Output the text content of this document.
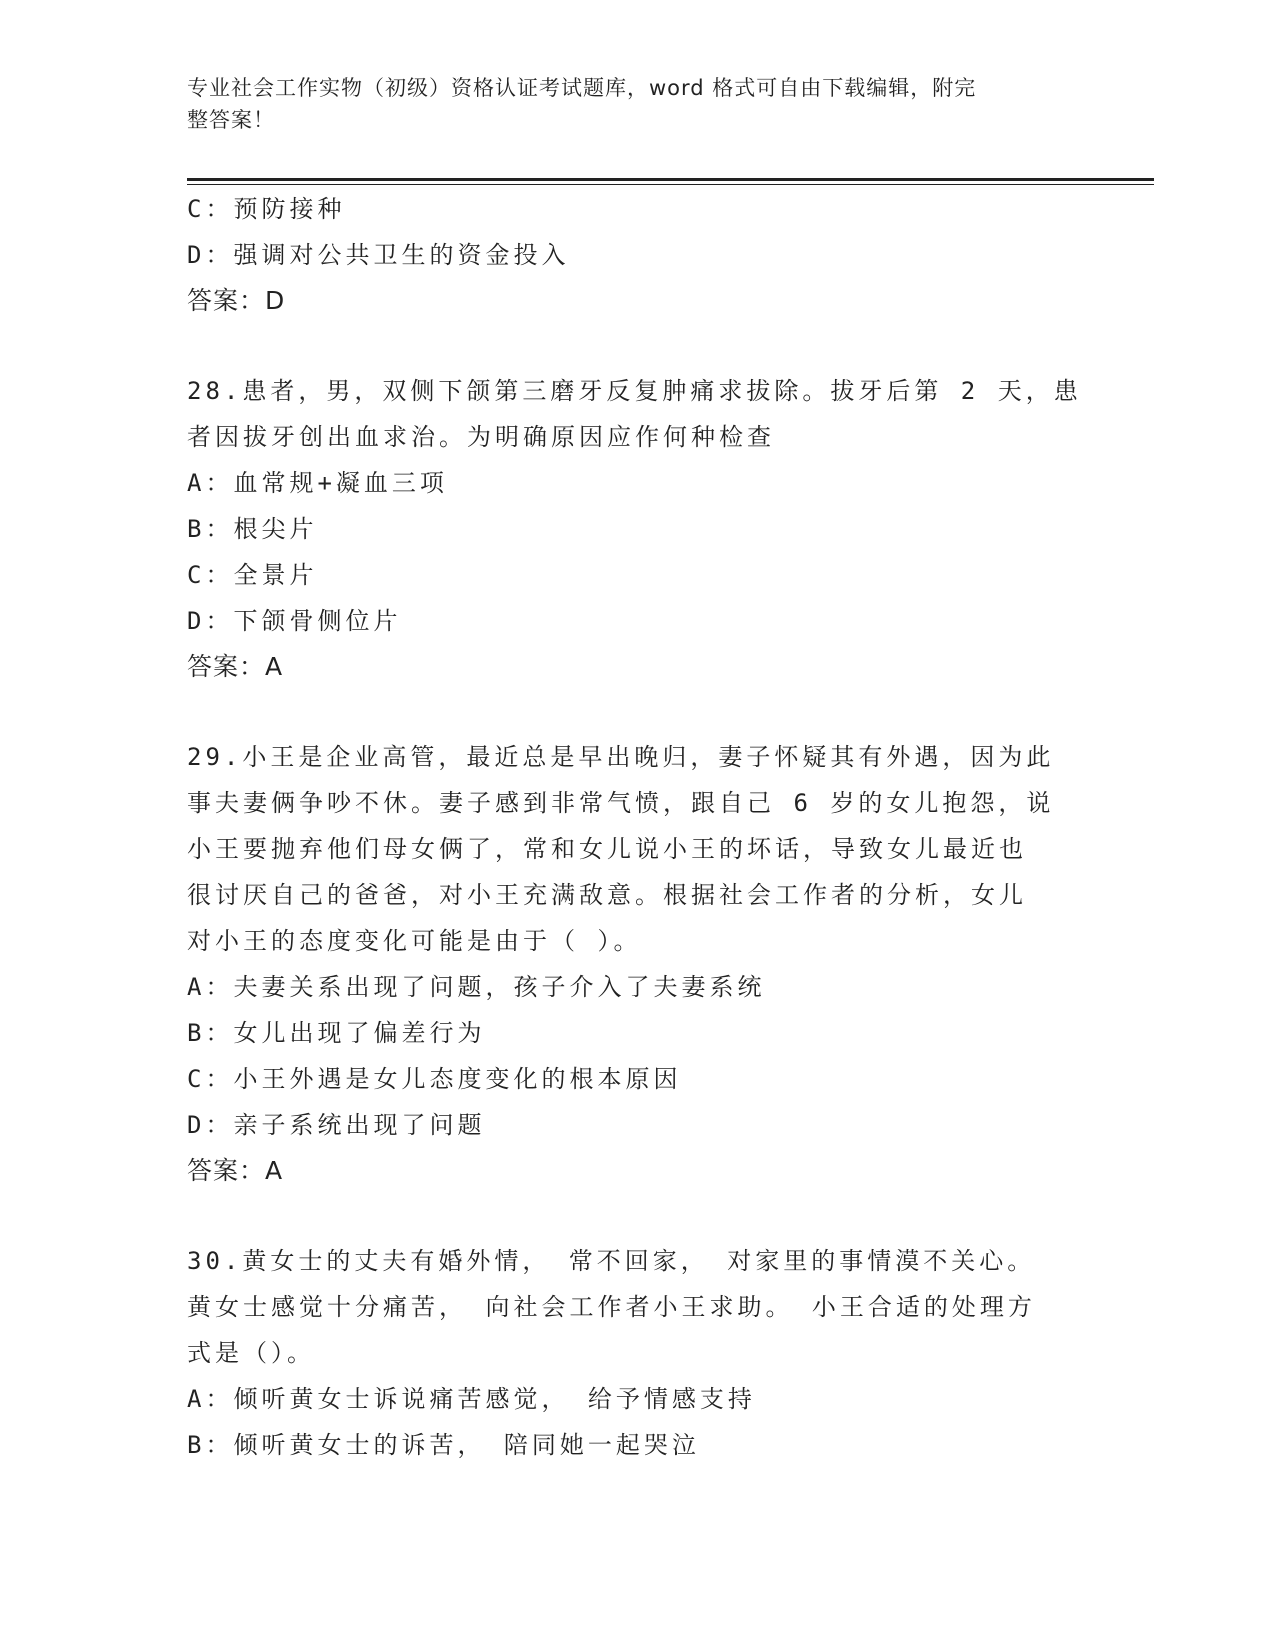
专业社会工作实物（初级）资格认证考试题库，word 格式可自由下载编辑，附完
整答案！
C：预防接种
D：强调对公共卫生的资金投入
答案：D
28.患者，男，双侧下颌第三磨牙反复肿痛求拔除。拔牙后第 2 天，患
者因拔牙创出血求治。为明确原因应作何种检查
A：血常规+凝血三项
B：根尖片
C：全景片
D：下颌骨侧位片
答案：A
29.小王是企业高管，最近总是早出晚归，妻子怀疑其有外遇，因为此
事夫妻俩争吵不休。妻子感到非常气愤，跟自己 6 岁的女儿抱怨，说
小王要抛弃他们母女俩了，常和女儿说小王的坏话，导致女儿最近也
很讨厌自己的爸爸，对小王充满敌意。根据社会工作者的分析，女儿
对小王的态度变化可能是由于（ ）。
A：夫妻关系出现了问题，孩子介入了夫妻系统
B：女儿出现了偏差行为
C：小王外遇是女儿态度变化的根本原因
D：亲子系统出现了问题
答案：A
30.黄女士的丈夫有婚外情， 常不回家， 对家里的事情漠不关心。
黄女士感觉十分痛苦， 向社会工作者小王求助。 小王合适的处理方
式是（）。
A：倾听黄女士诉说痛苦感觉， 给予情感支持
B：倾听黄女士的诉苦， 陪同她一起哭泣
